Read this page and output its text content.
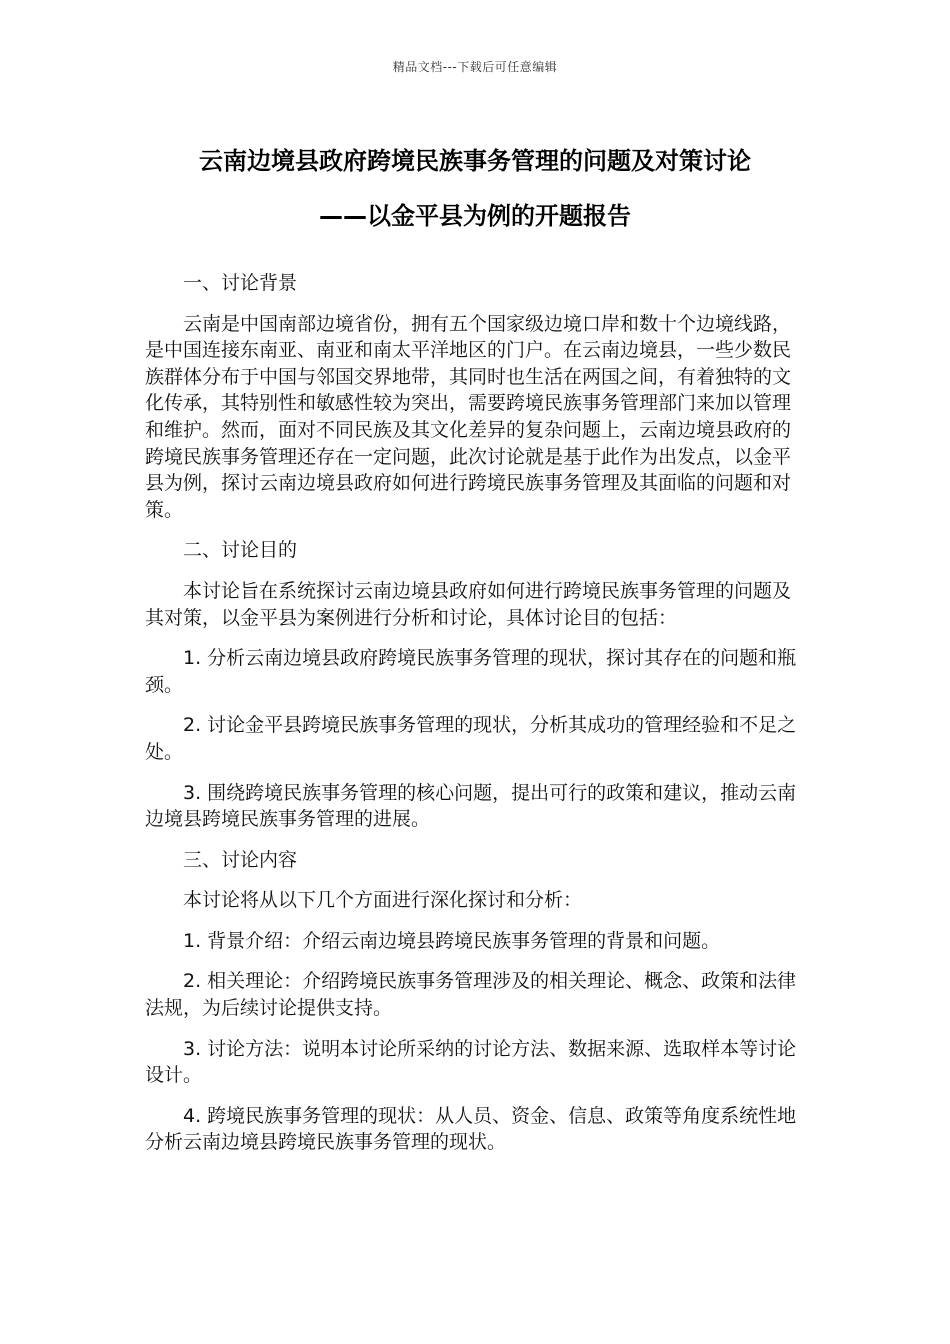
精品文档---下载后可任意编辑
云南边境县政府跨境民族事务管理的问题及对策讨论
——以金平县为例的开题报告

一、讨论背景

云南是中国南部边境省份，拥有五个国家级边境口岸和数十个边境线路，是中国连接东南亚、南亚和南太平洋地区的门户。在云南边境县，一些少数民族群体分布于中国与邻国交界地带，其同时也生活在两国之间，有着独特的文化传承，其特别性和敏感性较为突出，需要跨境民族事务管理部门来加以管理和维护。然而，面对不同民族及其文化差异的复杂问题上，云南边境县政府的跨境民族事务管理还存在一定问题，此次讨论就是基于此作为出发点，以金平县为例，探讨云南边境县政府如何进行跨境民族事务管理及其面临的问题和对策。

二、讨论目的

本讨论旨在系统探讨云南边境县政府如何进行跨境民族事务管理的问题及其对策，以金平县为案例进行分析和讨论，具体讨论目的包括：

1. 分析云南边境县政府跨境民族事务管理的现状，探讨其存在的问题和瓶颈。

2. 讨论金平县跨境民族事务管理的现状，分析其成功的管理经验和不足之处。

3. 围绕跨境民族事务管理的核心问题，提出可行的政策和建议，推动云南边境县跨境民族事务管理的进展。

三、讨论内容

本讨论将从以下几个方面进行深化探讨和分析：

1. 背景介绍：介绍云南边境县跨境民族事务管理的背景和问题。

2. 相关理论：介绍跨境民族事务管理涉及的相关理论、概念、政策和法律法规，为后续讨论提供支持。

3. 讨论方法：说明本讨论所采纳的讨论方法、数据来源、选取样本等讨论设计。

4. 跨境民族事务管理的现状：从人员、资金、信息、政策等角度系统性地分析云南边境县跨境民族事务管理的现状。
